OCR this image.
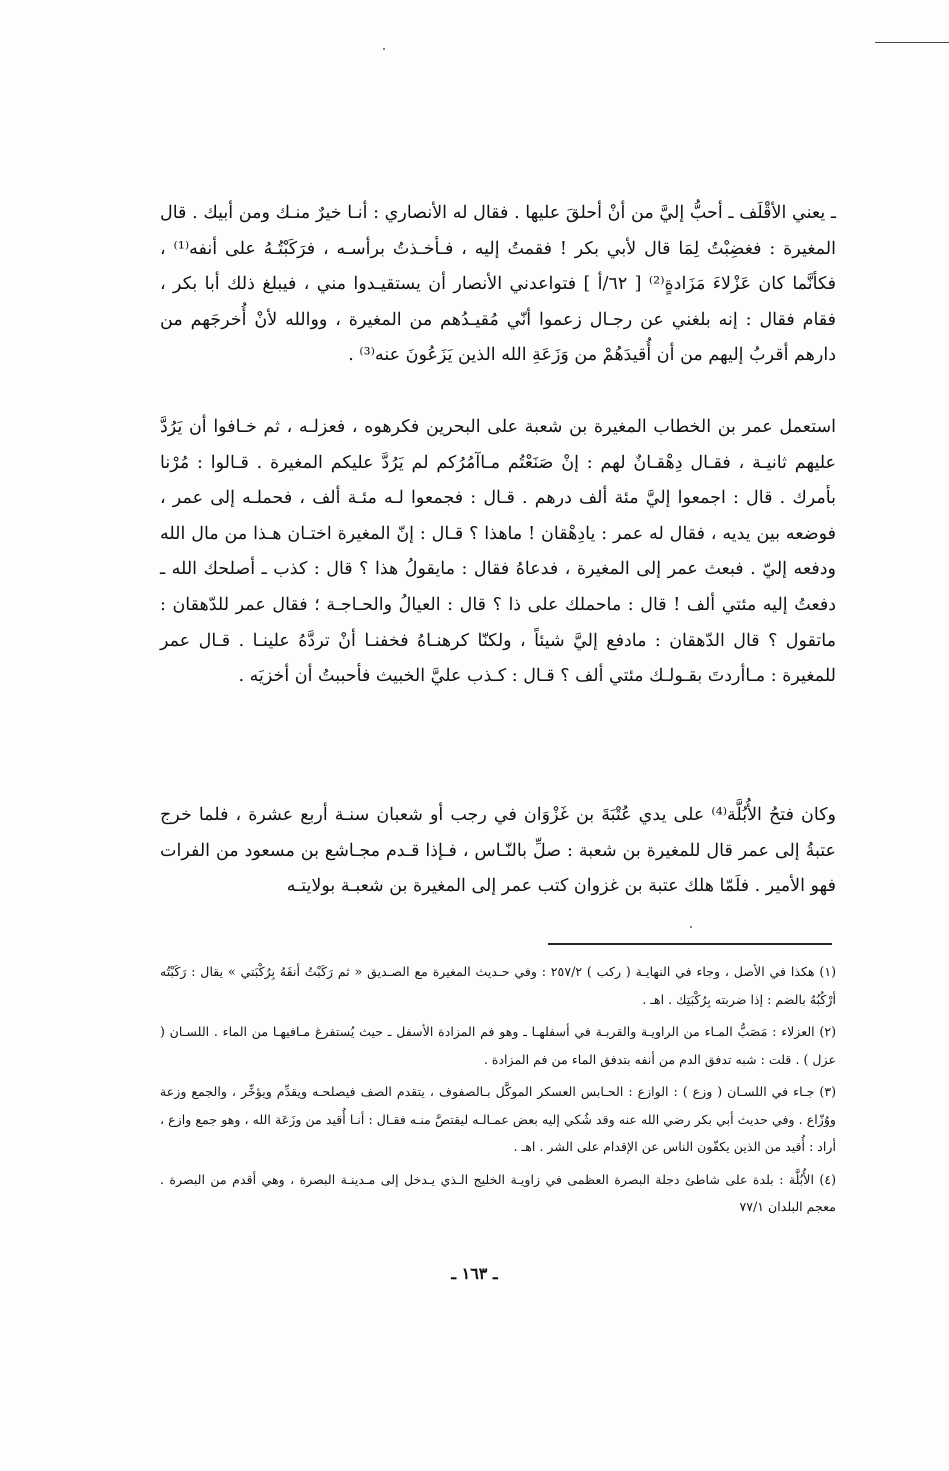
ـ يعني الأقْلَف ـ أحبُّ إليَّ من أنْ أحلقَ عليها . فقال له الأنصاري : أنـا خيرٌ منـك ومن أبيك . قال المغيرة : فغضِبْتُ لِمَا قال لأبي بكر ! فقمتُ إليه ، فـأخـذتُ برأسـه ، فرَكَبْتُـهُ على أنفه⁽¹⁾ ، فكأنَّما كان عَزْلاءَ مَزَادةٍ⁽²⁾ [ ٦٢/أ ] فتواعدني الأنصار أن يستقيـدوا مني ، فيبلغ ذلك أبا بكر ، فقام فقال : إنه بلغني عن رجـال زعموا أنّي مُقيـدُهم من المغيرة ، ووالله لأنْ أُخرجَهم من دارهم أقربُ إليهم من أن أُقيدَهُمْ من وَزَعَةِ الله الذين يَزَعُونَ عنه⁽³⁾ .

استعمل عمر بن الخطاب المغيرة بن شعبة على البحرين فكرهوه ، فعزلـه ، ثم خـافوا أن يَرُدَّ عليهم ثانيـة ، فقـال دِهْقـانٌ لهم : إنْ صَنَعْتُم مـاآمُرُكم لم يَرُدَّ عليكم المغيرة . قـالوا : مُرْنا بأمرك . قال : اجمعوا إليَّ مئة ألف درهم . قـال : فجمعوا لـه مئـة ألف ، فحملـه إلى عمر ، فوضعه بين يديه ، فقال له عمر : يادِهْقان ! ماهذا ؟ قـال : إنّ المغيرة اختـان هـذا من مال الله ودفعه إليّ . فبعث عمر إلى المغيرة ، فدعاهُ فقال : مايقولُ هذا ؟ قال : كذب ـ أصلحك الله ـ دفعتُ إليه مئتي ألف ! قال : ماحملك على ذا ؟ قال : العيالُ والحـاجـة ؛ فقال عمر للدّهقان : ماتقول ؟ قال الدّهقان : مادفع إليَّ شيئاً ، ولكنّا كرهنـاهُ فخفنـا أنْ تردَّهُ علينـا . قـال عمر للمغيرة : مـاأردتَ بقـولـك مئتي ألف ؟ قـال : كـذب عليَّ الخبيث فأحببتُ أن أخزيَه .

وكان فتحُ الأُبُلَّة⁽⁴⁾ على يدي عُتْبَةَ بن غَزْوَان في رجب أو شعبان سنـة أربع عشرة ، فلما خرج عتبةُ إلى عمر قال للمغيرة بن شعبة : صلِّ بالنّـاس ، فـإذا قـدم مجـاشع بن مسعود من الفرات فهو الأمير . فلَمّا هلك عتبة بن غزوان كتب عمر إلى المغيرة بن شعبـة بولايتـه

(١) هكذا في الأصل ، وجاء في النهايـة ( ركب ) ٢٥٧/٢ : وفي حـديث المغيرة مع الصـديق « ثم رَكَبْتُ أنفَهُ بِرُكْبَتي » يقال : رَكَبْتُه أرْكُبُهُ بالضم : إذا ضربته بِرُكْبَتِك . اهـ .

(٢) العزلاء : مَصَبُّ المـاء من الراويـة والقربـة في أسفلهـا ـ وهو فم المزادة الأسفل ـ حيث يُستفرغ مـافيهـا من الماء . اللسـان ( عزل ) . قلت : شبه تدفق الدم من أنفه بتدفق الماء من فم المزادة .

(٣) جـاء في اللسـان ( وزع ) : الوازع : الحـابس العسكر الموكَّل بـالصفوف ، يتقدم الصف فيصلحـه ويقدِّم ويؤخِّر ، والجمع وزعة ووُزّاع . وفي حديث أبي بكر رضي الله عنه وقد شُكي إليه بعض عمـالـه ليقتصَّ منـه فقـال : أنـا أُقيد من وزَعَة الله ، وهو جمع وازع ، أراد : أُقيد من الذين يكفّون الناس عن الإقدام على الشر . اهـ .

(٤) الأُبُلَّة : بلدة على شاطئ دجلة البصرة العظمى في زاويـة الخليج الـذي يـدخل إلى مـدينـة البصرة ، وهي أقدم من البصرة . معجم البلدان ٧٧/١

ـ ١٦٣ ـ
